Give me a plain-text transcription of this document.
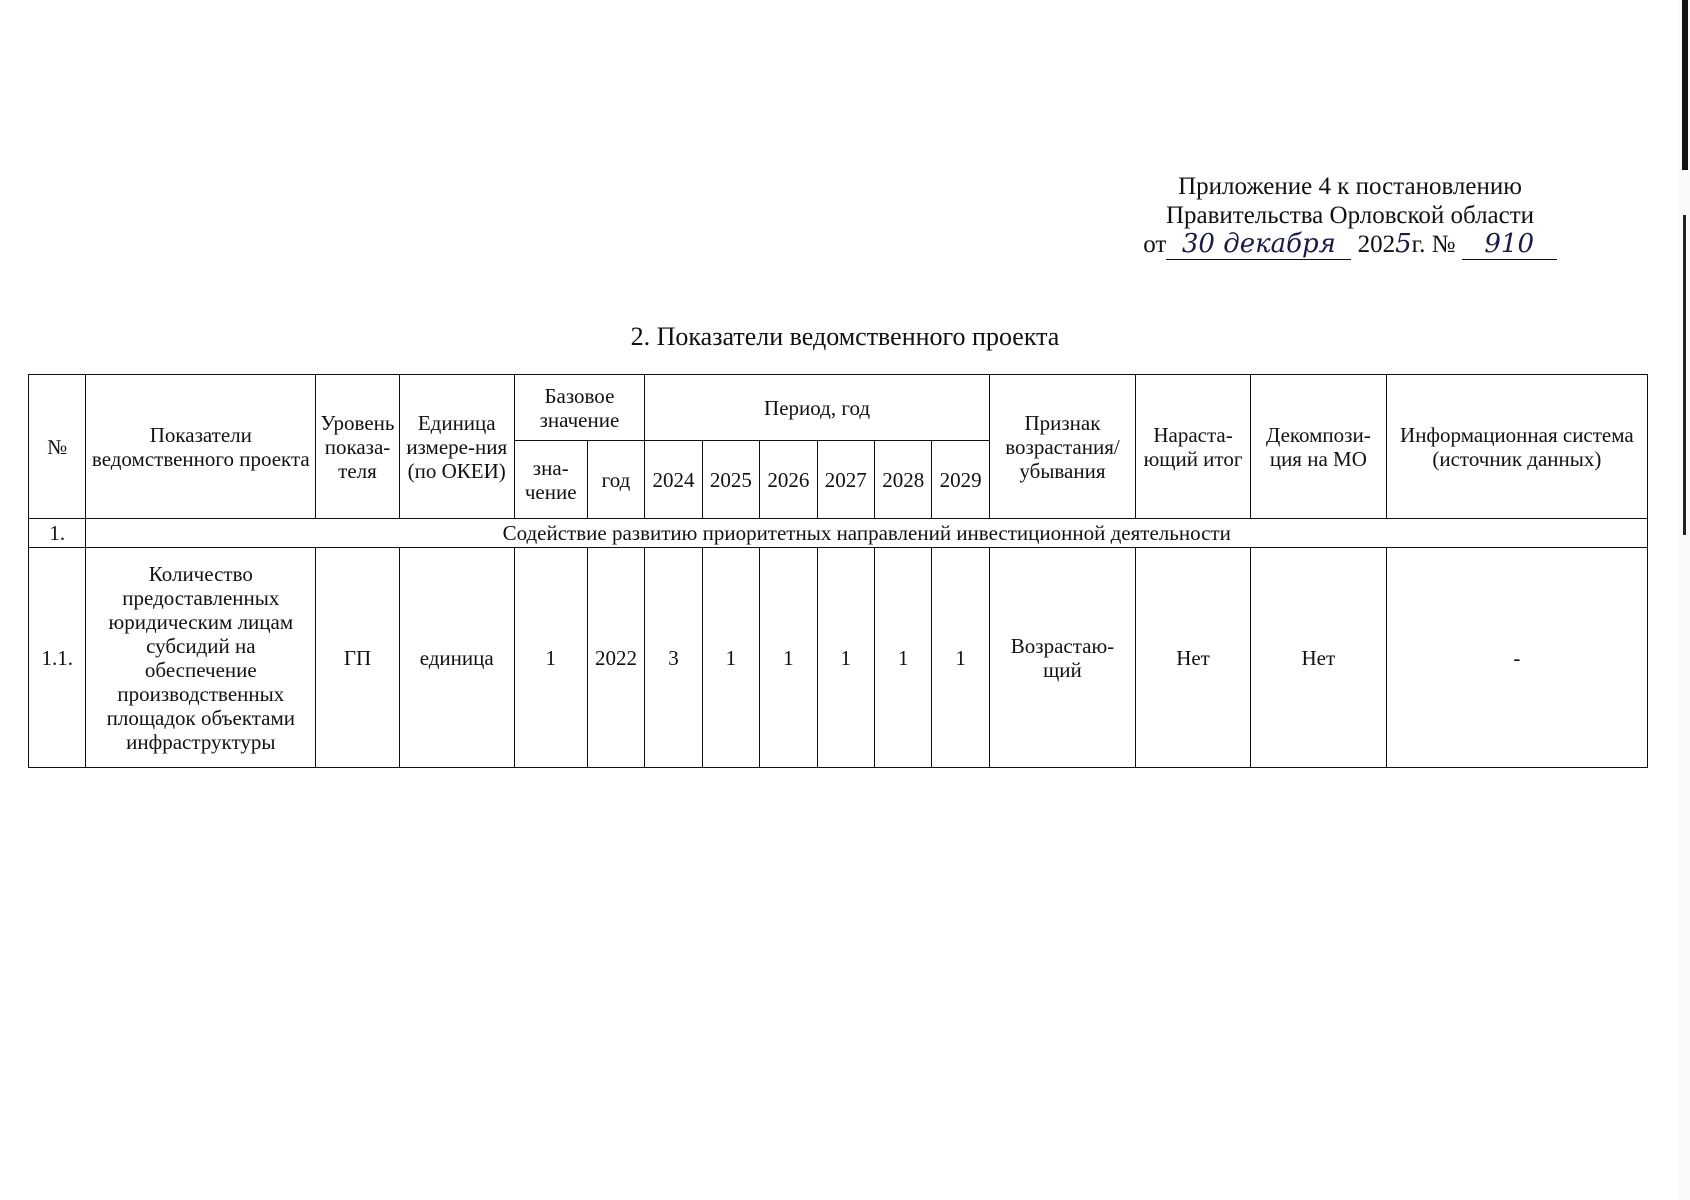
Приложение 4 к постановлению
Правительства Орловской области
от 30 декабря 2025г. № 910
2. Показатели ведомственного проекта
№	Показатели ведомственного проекта	Уровень показа-теля	Единица измере-ния (по ОКЕИ)	Базовое значение		Период, год						Признак возрастания/ убывания	Нараста-ющий итог	Декомпози-ция на МО	Информационная система (источник данных)
				зна-чение	год	2024	2025	2026	2027	2028	2029				
1.	Содействие развитию приоритетных направлений инвестиционной деятельности														
1.1.	Количество предоставленных юридическим лицам субсидий на обеспечение производственных площадок объектами инфраструктуры	ГП	единица	1	2022	3	1	1	1	1	1	Возрастаю-щий	Нет	Нет	-
